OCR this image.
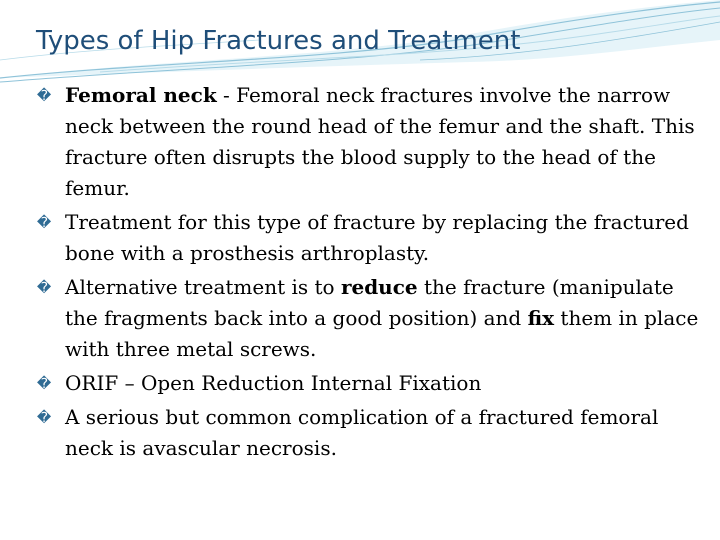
Types of Hip Fractures and Treatment

� Femoral neck - Femoral neck fractures involve the narrow neck between the round head of the femur and the shaft. This fracture often disrupts the blood supply to the head of the femur.

� Treatment for this type of fracture by replacing the fractured bone with a prosthesis arthroplasty.

� Alternative treatment is to reduce the fracture (manipulate the fragments back into a good position) and fix them in place with three metal screws.

� ORIF – Open Reduction Internal Fixation

� A serious but common complication of a fractured femoral neck is avascular necrosis.
